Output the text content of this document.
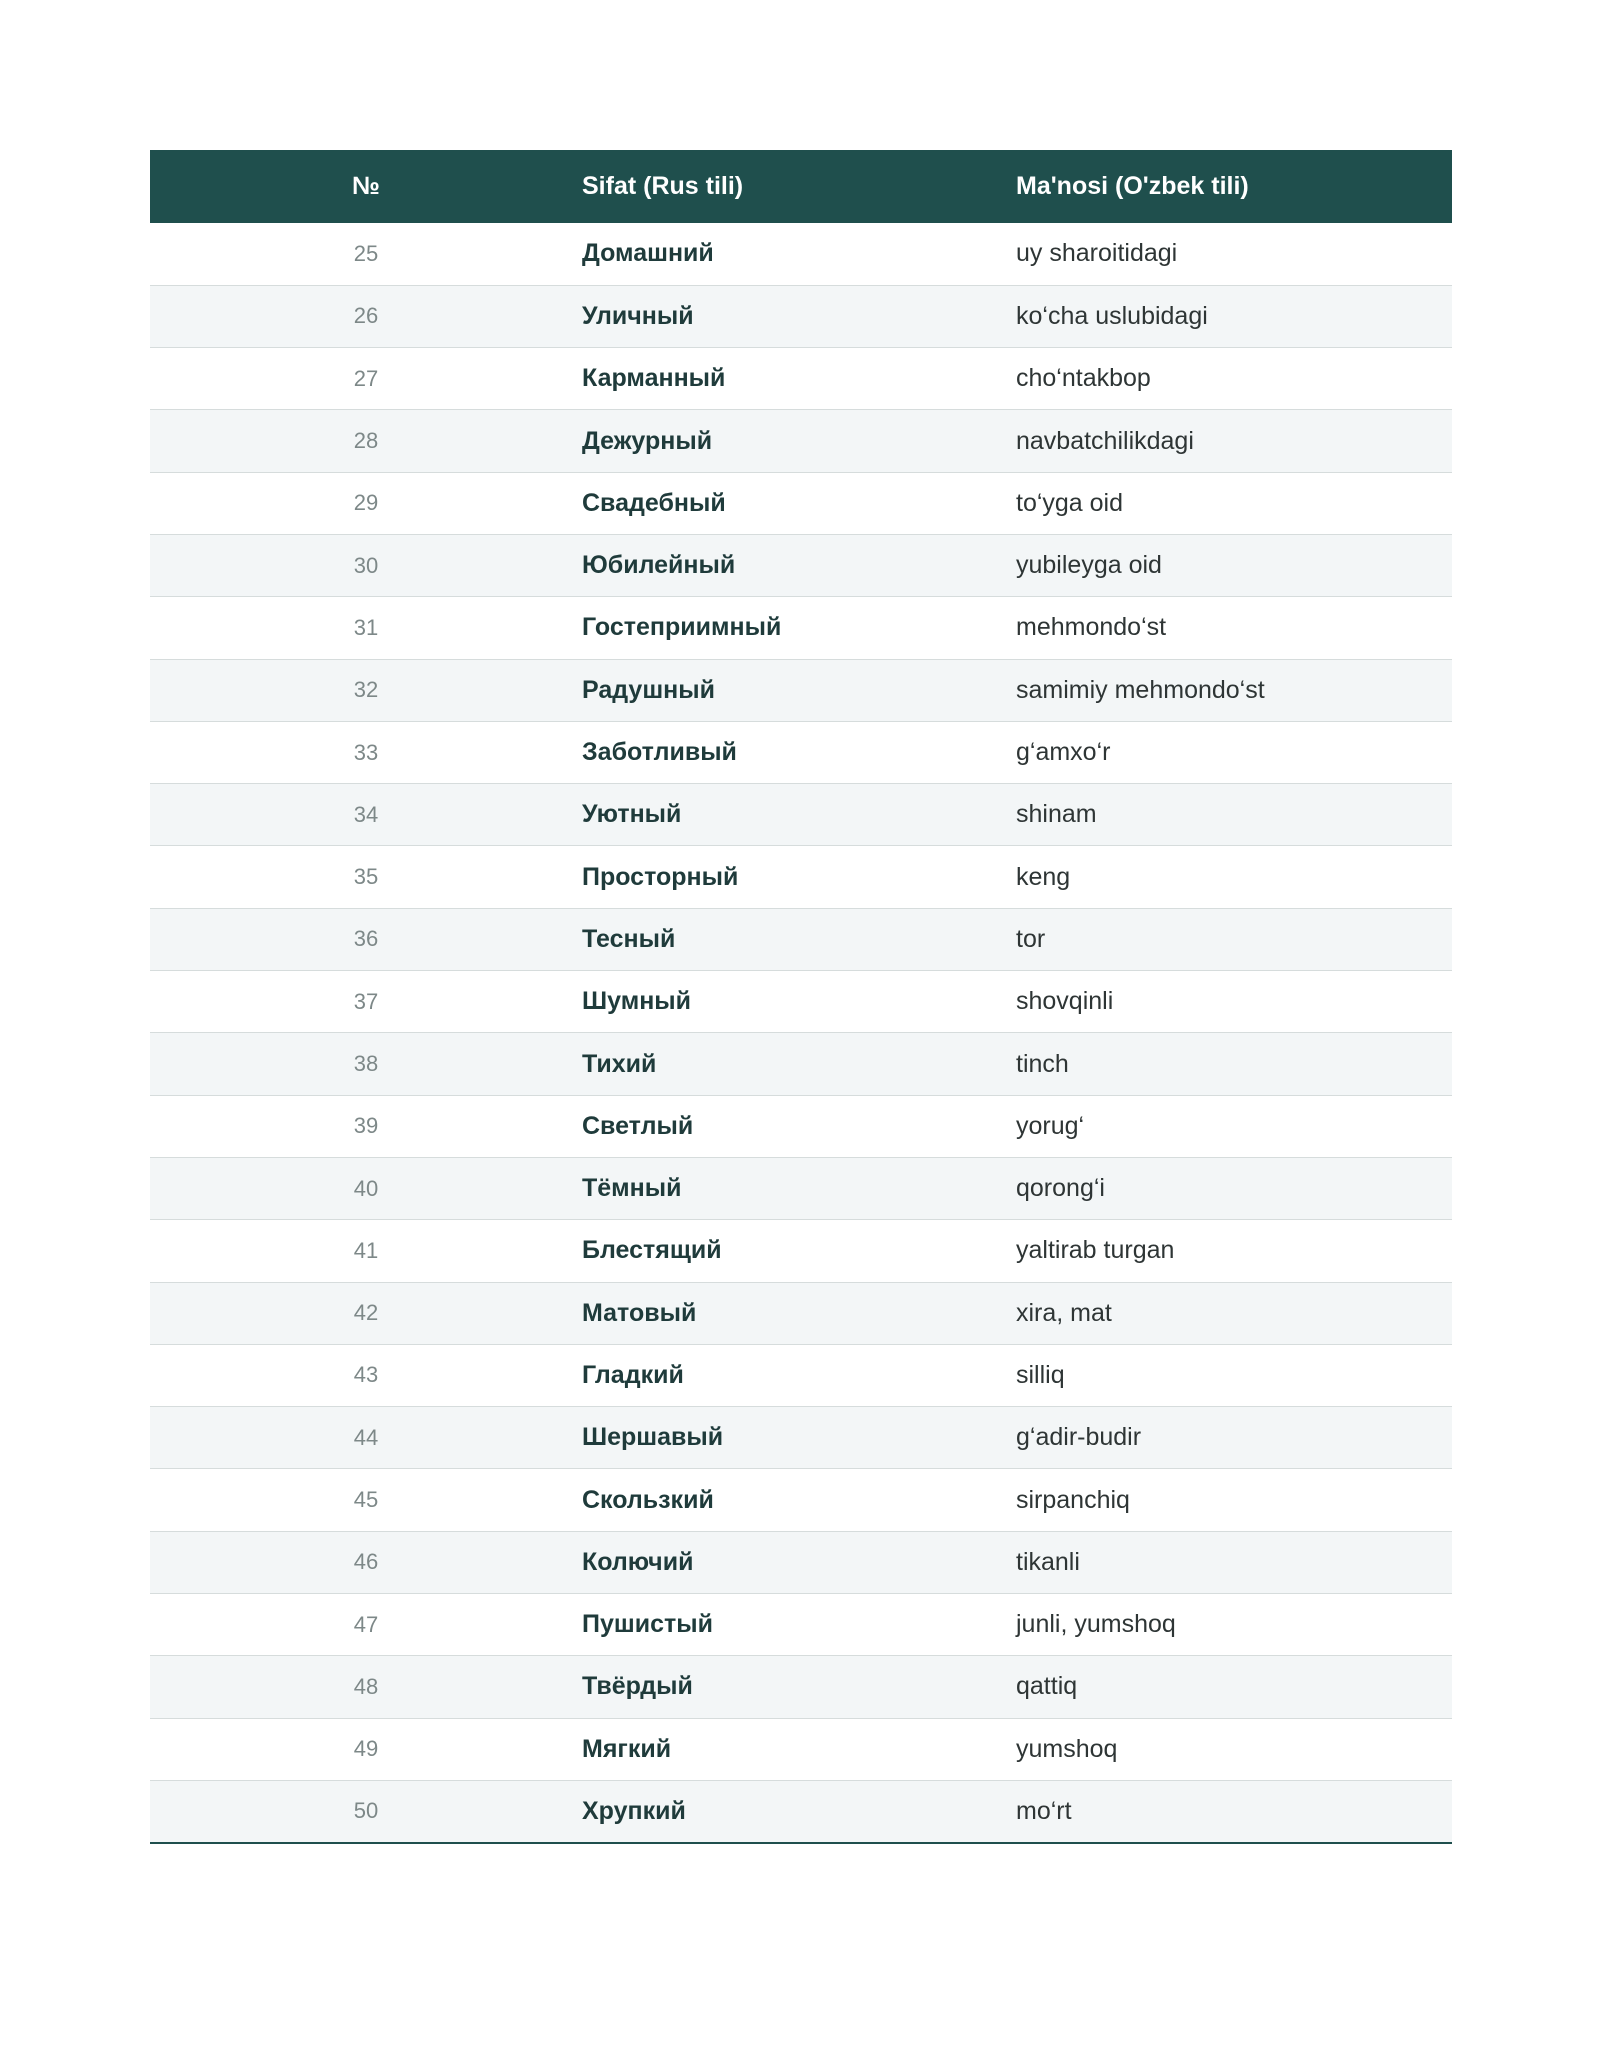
№	Sifat (Rus tili)	Ma'nosi (O'zbek tili)
25	Домашний	uy sharoitidagi
26	Уличный	ko‘cha uslubidagi
27	Карманный	cho‘ntakbop
28	Дежурный	navbatchilikdagi
29	Свадебный	to‘yga oid
30	Юбилейный	yubileyga oid
31	Гостеприимный	mehmondo‘st
32	Радушный	samimiy mehmondo‘st
33	Заботливый	g‘amxo‘r
34	Уютный	shinam
35	Просторный	keng
36	Тесный	tor
37	Шумный	shovqinli
38	Тихий	tinch
39	Светлый	yorug‘
40	Тёмный	qorong‘i
41	Блестящий	yaltirab turgan
42	Матовый	xira, mat
43	Гладкий	silliq
44	Шершавый	g‘adir-budir
45	Скользкий	sirpanchiq
46	Колючий	tikanli
47	Пушистый	junli, yumshoq
48	Твёрдый	qattiq
49	Мягкий	yumshoq
50	Хрупкий	mo‘rt
